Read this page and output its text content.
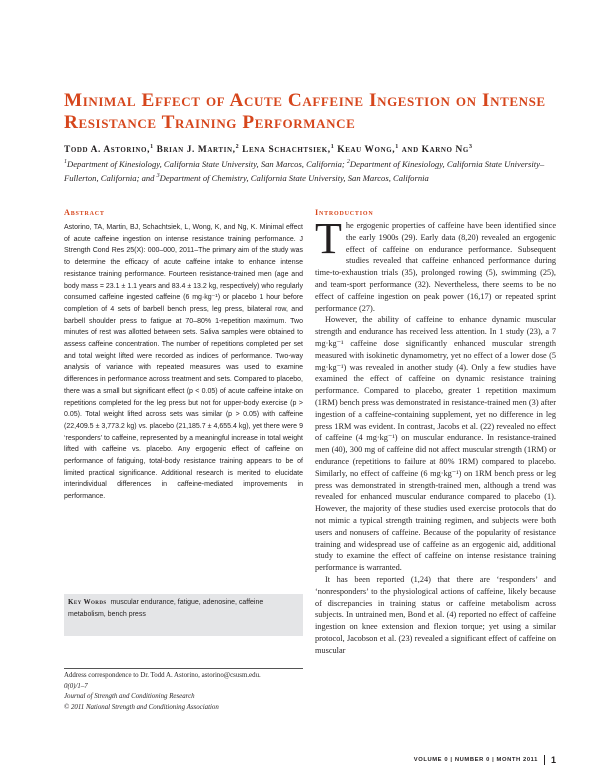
Minimal Effect of Acute Caffeine Ingestion on Intense Resistance Training Performance
Todd A. Astorino,$^1$ Brian J. Martin,$^2$ Lena Schachtsiek,$^1$ Keau Wong,$^1$ and Karno Ng$^3$
$^1$Department of Kinesiology, California State University, San Marcos, California; $^2$Department of Kinesiology, California State University–Fullerton, California; and $^3$Department of Chemistry, California State University, San Marcos, California
Abstract

Astorino, TA, Martin, BJ, Schachtsiek, L, Wong, K, and Ng, K. Minimal effect of acute caffeine ingestion on intense resistance training performance. J Strength Cond Res 25(X): 000–000, 2011–The primary aim of the study was to determine the efficacy of acute caffeine intake to enhance intense resistance training performance. Fourteen resistance-trained men (age and body mass = 23.1 ± 1.1 years and 83.4 ± 13.2 kg, respectively) who regularly consumed caffeine ingested caffeine (6 mg·kg⁻¹) or placebo 1 hour before completion of 4 sets of barbell bench press, leg press, bilateral row, and barbell shoulder press to fatigue at 70–80% 1-repetition maximum. Two minutes of rest was allotted between sets. Saliva samples were obtained to assess caffeine concentration. The number of repetitions completed per set and total weight lifted were recorded as indices of performance. Two-way analysis of variance with repeated measures was used to examine differences in performance across treatment and sets. Compared to placebo, there was a small but significant effect (p < 0.05) of acute caffeine intake on repetitions completed for the leg press but not for upper-body exercise (p > 0.05). Total weight lifted across sets was similar (p > 0.05) with caffeine (22,409.5 ± 3,773.2 kg) vs. placebo (21,185.7 ± 4,655.4 kg), yet there were 9 ‘responders’ to caffeine, represented by a meaningful increase in total weight lifted with caffeine vs. placebo. Any ergogenic effect of caffeine on performance of fatiguing, total-body resistance training appears to be of limited practical significance. Additional research is merited to elucidate interindividual differences in caffeine-mediated improvements in performance.

Key Words muscular endurance, fatigue, adenosine, caffeine metabolism, bench press
Address correspondence to Dr. Todd A. Astorino, astorino@csusm.edu.
0(0)/1–7
Journal of Strength and Conditioning Research
© 2011 National Strength and Conditioning Association
Introduction
T he ergogenic properties of caffeine have been identified since the early 1900s (29). Early data (8,20) revealed an ergogenic effect of caffeine on endurance performance. Subsequent studies revealed that caffeine enhanced performance during time-to-exhaustion trials (35), prolonged rowing (5), swimming (25), and team-sport performance (32). Nevertheless, there seems to be no effect of caffeine ingestion on peak power (16,17) or repeated sprint performance (27).

However, the ability of caffeine to enhance dynamic muscular strength and endurance has received less attention. In 1 study (23), a 7 mg·kg⁻¹ caffeine dose significantly enhanced muscular strength measured with isokinetic dynamometry, yet no effect of a lower dose (5 mg·kg⁻¹) was revealed in another study (4). Only a few studies have examined the effect of caffeine on dynamic resistance training performance. Compared to placebo, greater 1 repetition maximum (1RM) bench press was demonstrated in resistance-trained men (3) after ingestion of a caffeine-containing supplement, yet no difference in leg press 1RM was evident. In contrast, Jacobs et al. (22) revealed no effect of caffeine (4 mg·kg⁻¹) on muscular endurance. In resistance-trained men (40), 300 mg of caffeine did not affect muscular strength (1RM) or endurance (repetitions to failure at 80% 1RM) compared to placebo. Similarly, no effect of caffeine (6 mg·kg⁻¹) on 1RM bench press or leg press was demonstrated in strength-trained men, although a trend was revealed for enhanced muscular endurance compared to placebo (1). However, the majority of these studies used exercise protocols that do not mimic a typical strength training regimen, and subjects were both users and nonusers of caffeine. Because of the popularity of resistance training and widespread use of caffeine as an ergogenic aid, additional study to examine the effect of caffeine on intense resistance training performance is warranted.

It has been reported (1,24) that there are ‘responders’ and ‘nonresponders’ to the physiological actions of caffeine, likely because of discrepancies in training status or caffeine metabolism across subjects. In untrained men, Bond et al. (4) reported no effect of caffeine ingestion on knee extension and flexion torque; yet using a similar protocol, Jacobson et al. (23) revealed a significant effect of caffeine on muscular

VOLUME 0 | NUMBER 0 | MONTH 2011 1
